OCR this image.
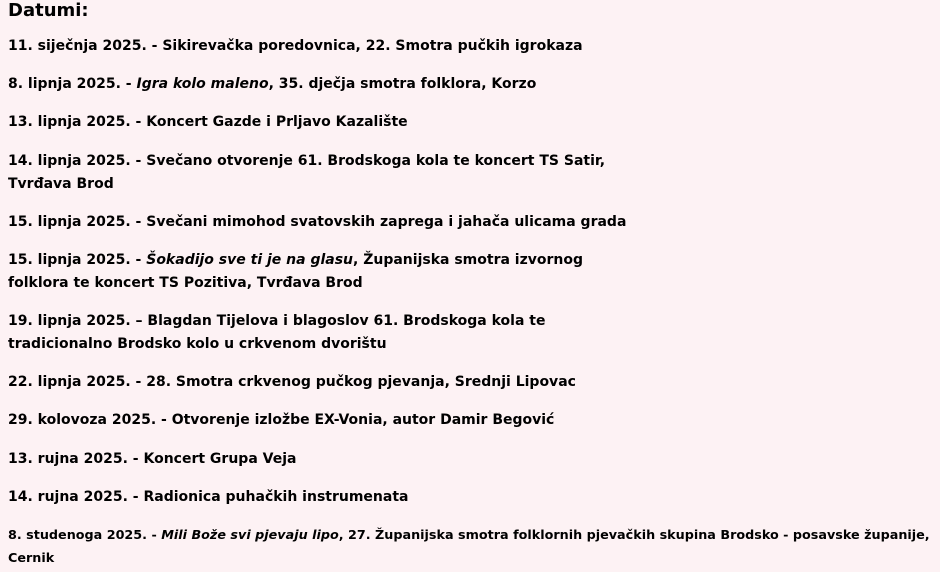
Datumi:

11. siječnja 2025. - Sikirevačka poredovnica, 22. Smotra pučkih igrokaza

8. lipnja 2025. - Igra kolo maleno, 35. dječja smotra folklora, Korzo

13. lipnja 2025. - Koncert Gazde i Prljavo Kazalište

14. lipnja 2025. - Svečano otvorenje 61. Brodskoga kola te koncert TS Satir,
Tvrđava Brod

15. lipnja 2025. - Svečani mimohod svatovskih zaprega i jahača ulicama grada

15. lipnja 2025. - Šokadijo sve ti je na glasu, Županijska smotra izvornog
folklora te koncert TS Pozitiva, Tvrđava Brod

19. lipnja 2025. – Blagdan Tijelova i blagoslov 61. Brodskoga kola te
tradicionalno Brodsko kolo u crkvenom dvorištu

22. lipnja 2025. - 28. Smotra crkvenog pučkog pjevanja, Srednji Lipovac

29. kolovoza 2025. - Otvorenje izložbe EX-Vonia, autor Damir Begović

13. rujna 2025. - Koncert Grupa Veja

14. rujna 2025. - Radionica puhačkih instrumenata

8. studenoga 2025. - Mili Bože svi pjevaju lipo, 27. Županijska smotra folklornih pjevačkih skupina Brodsko - posavske županije,
Cernik
